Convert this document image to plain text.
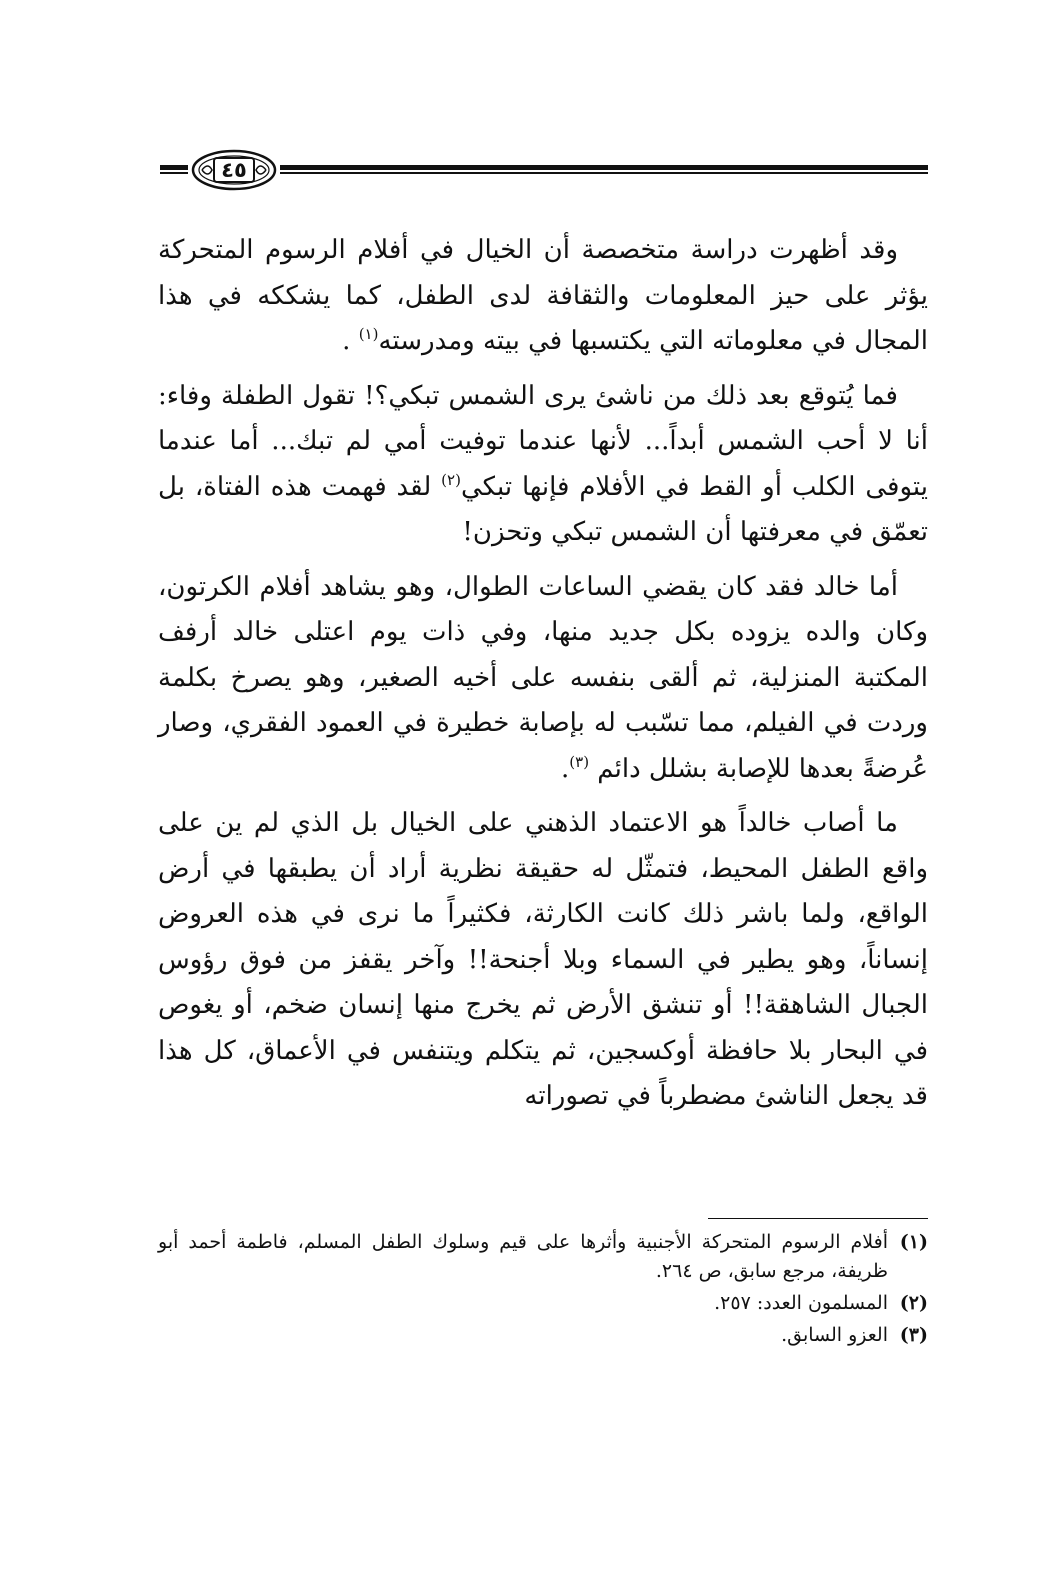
٤٥

وقد أظهرت دراسة متخصصة أن الخيال في أفلام الرسوم المتحركة يؤثر على حيز المعلومات والثقافة لدى الطفل، كما يشككه في هذا المجال في معلوماته التي يكتسبها في بيته ومدرسته$^{(١)}$ .

فما يُتوقع بعد ذلك من ناشئ يرى الشمس تبكي؟! تقول الطفلة وفاء: أنا لا أحب الشمس أبداً... لأنها عندما توفيت أمي لم تبك... أما عندما يتوفى الكلب أو القط في الأفلام فإنها تبكي$^{(٢)}$ لقد فهمت هذه الفتاة، بل تعمّق في معرفتها أن الشمس تبكي وتحزن!

أما خالد فقد كان يقضي الساعات الطوال، وهو يشاهد أفلام الكرتون، وكان والده يزوده بكل جديد منها، وفي ذات يوم اعتلى خالد أرفف المكتبة المنزلية، ثم ألقى بنفسه على أخيه الصغير، وهو يصرخ بكلمة وردت في الفيلم، مما تسّبب له بإصابة خطيرة في العمود الفقري، وصار عُرضةً بعدها للإصابة بشلل دائم $^{(٣)}$.

ما أصاب خالداً هو الاعتماد الذهني على الخيال بل الذي لم ين على واقع الطفل المحيط، فتمثّل له حقيقة نظرية أراد أن يطبقها في أرض الواقع، ولما باشر ذلك كانت الكارثة، فكثيراً ما نرى في هذه العروض إنساناً، وهو يطير في السماء وبلا أجنحة!! وآخر يقفز من فوق رؤوس الجبال الشاهقة!! أو تنشق الأرض ثم يخرج منها إنسان ضخم، أو يغوص في البحار بلا حافظة أوكسجين، ثم يتكلم ويتنفس في الأعماق، كل هذا قد يجعل الناشئ مضطرباً في تصوراته

(١)
أفلام الرسوم المتحركة الأجنبية وأثرها على قيم وسلوك الطفل المسلم، فاطمة أحمد أبو ظريفة، مرجع سابق، ص ٢٦٤.
(٢)
المسلمون العدد: ٢٥٧.
(٣)
العزو السابق.
